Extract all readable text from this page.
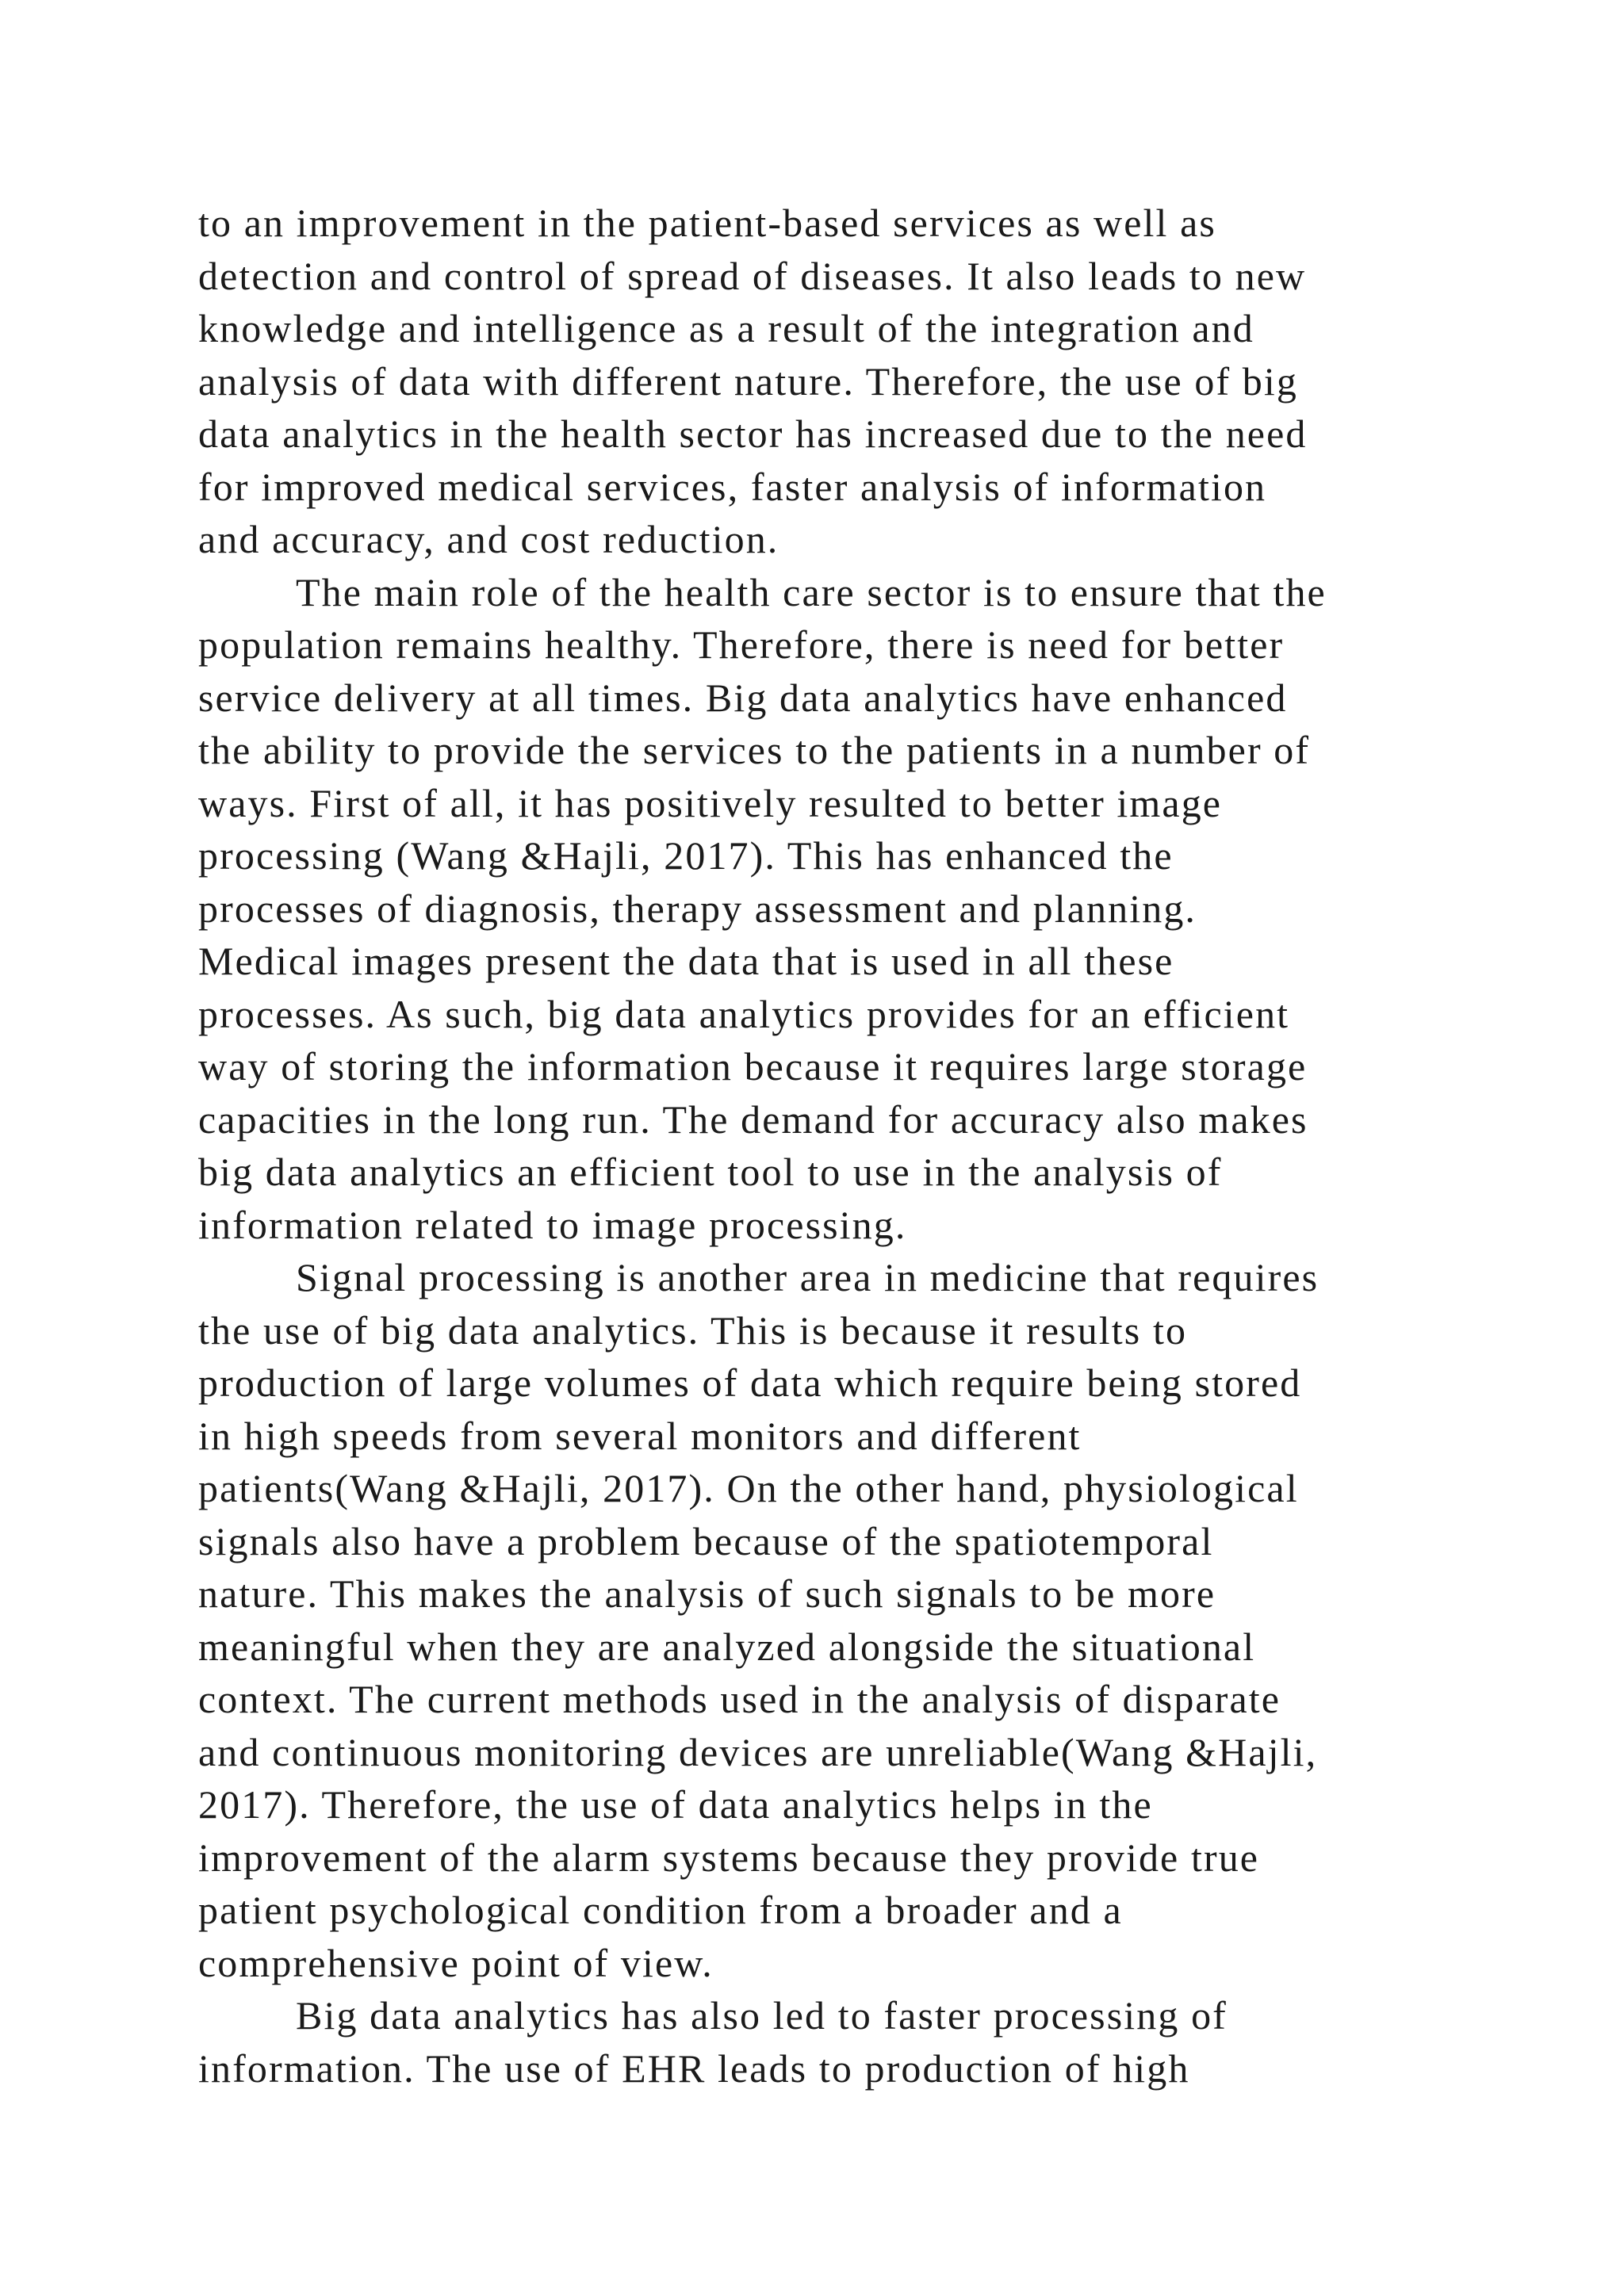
to an improvement in the patient-based services as well as
detection and control of spread of diseases. It also leads to new
knowledge and intelligence as a result of the integration and
analysis of data with different nature. Therefore, the use of big
data analytics in the health sector has increased due to the need
for improved medical services, faster analysis of information
and accuracy, and cost reduction.
The main role of the health care sector is to ensure that the
population remains healthy. Therefore, there is need for better
service delivery at all times. Big data analytics have enhanced
the ability to provide the services to the patients in a number of
ways. First of all, it has positively resulted to better image
processing (Wang &Hajli, 2017). This has enhanced the
processes of diagnosis, therapy assessment and planning.
Medical images present the data that is used in all these
processes. As such, big data analytics provides for an efficient
way of storing the information because it requires large storage
capacities in the long run. The demand for accuracy also makes
big data analytics an efficient tool to use in the analysis of
information related to image processing.
Signal processing is another area in medicine that requires
the use of big data analytics. This is because it results to
production of large volumes of data which require being stored
in high speeds from several monitors and different
patients(Wang &Hajli, 2017). On the other hand, physiological
signals also have a problem because of the spatiotemporal
nature. This makes the analysis of such signals to be more
meaningful when they are analyzed alongside the situational
context. The current methods used in the analysis of disparate
and continuous monitoring devices are unreliable(Wang &Hajli,
2017). Therefore, the use of data analytics helps in the
improvement of the alarm systems because they provide true
patient psychological condition from a broader and a
comprehensive point of view.
Big data analytics has also led to faster processing of
information. The use of EHR leads to production of high
